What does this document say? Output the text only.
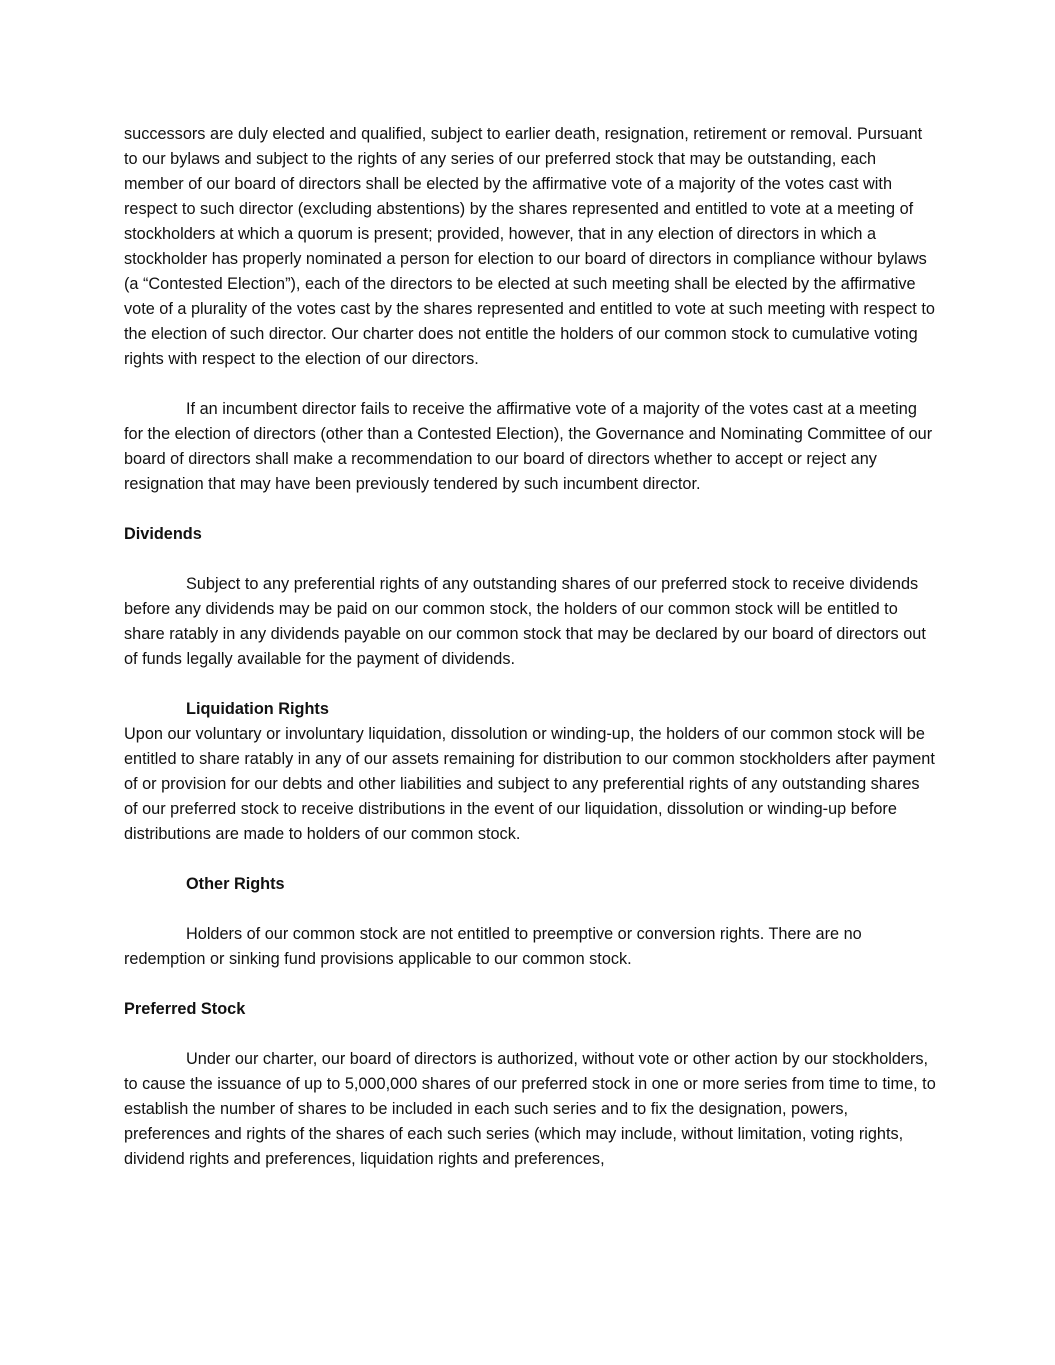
successors are duly elected and qualified, subject to earlier death, resignation, retirement or removal. Pursuant to our bylaws and subject to the rights of any series of our preferred stock that may be outstanding, each member of our board of directors shall be elected by the affirmative vote of a majority of the votes cast with respect to such director (excluding abstentions) by the shares represented and entitled to vote at a meeting of stockholders at which a quorum is present; provided, however, that in any election of directors in which a stockholder has properly nominated a person for election to our board of directors in compliance withour bylaws (a “Contested Election”), each of the directors to be elected at such meeting shall be elected by the affirmative vote of a plurality of the votes cast by the shares represented and entitled to vote at such meeting with respect to the election of such director. Our charter does not entitle the holders of our common stock to cumulative voting rights with respect to the election of our directors.

If an incumbent director fails to receive the affirmative vote of a majority of the votes cast at a meeting for the election of directors (other than a Contested Election), the Governance and Nominating Committee of our board of directors shall make a recommendation to our board of directors whether to accept or reject any resignation that may have been previously tendered by such incumbent director.

Dividends

Subject to any preferential rights of any outstanding shares of our preferred stock to receive dividends before any dividends may be paid on our common stock, the holders of our common stock will be entitled to share ratably in any dividends payable on our common stock that may be declared by our board of directors out of funds legally available for the payment of dividends.

Liquidation Rights

Upon our voluntary or involuntary liquidation, dissolution or winding-up, the holders of our common stock will be entitled to share ratably in any of our assets remaining for distribution to our common stockholders after payment of or provision for our debts and other liabilities and subject to any preferential rights of any outstanding shares of our preferred stock to receive distributions in the event of our liquidation, dissolution or winding-up before distributions are made to holders of our common stock.

Other Rights

Holders of our common stock are not entitled to preemptive or conversion rights. There are no redemption or sinking fund provisions applicable to our common stock.

Preferred Stock

Under our charter, our board of directors is authorized, without vote or other action by our stockholders, to cause the issuance of up to 5,000,000 shares of our preferred stock in one or more series from time to time, to establish the number of shares to be included in each such series and to fix the designation, powers, preferences and rights of the shares of each such series (which may include, without limitation, voting rights, dividend rights and preferences, liquidation rights and preferences,
